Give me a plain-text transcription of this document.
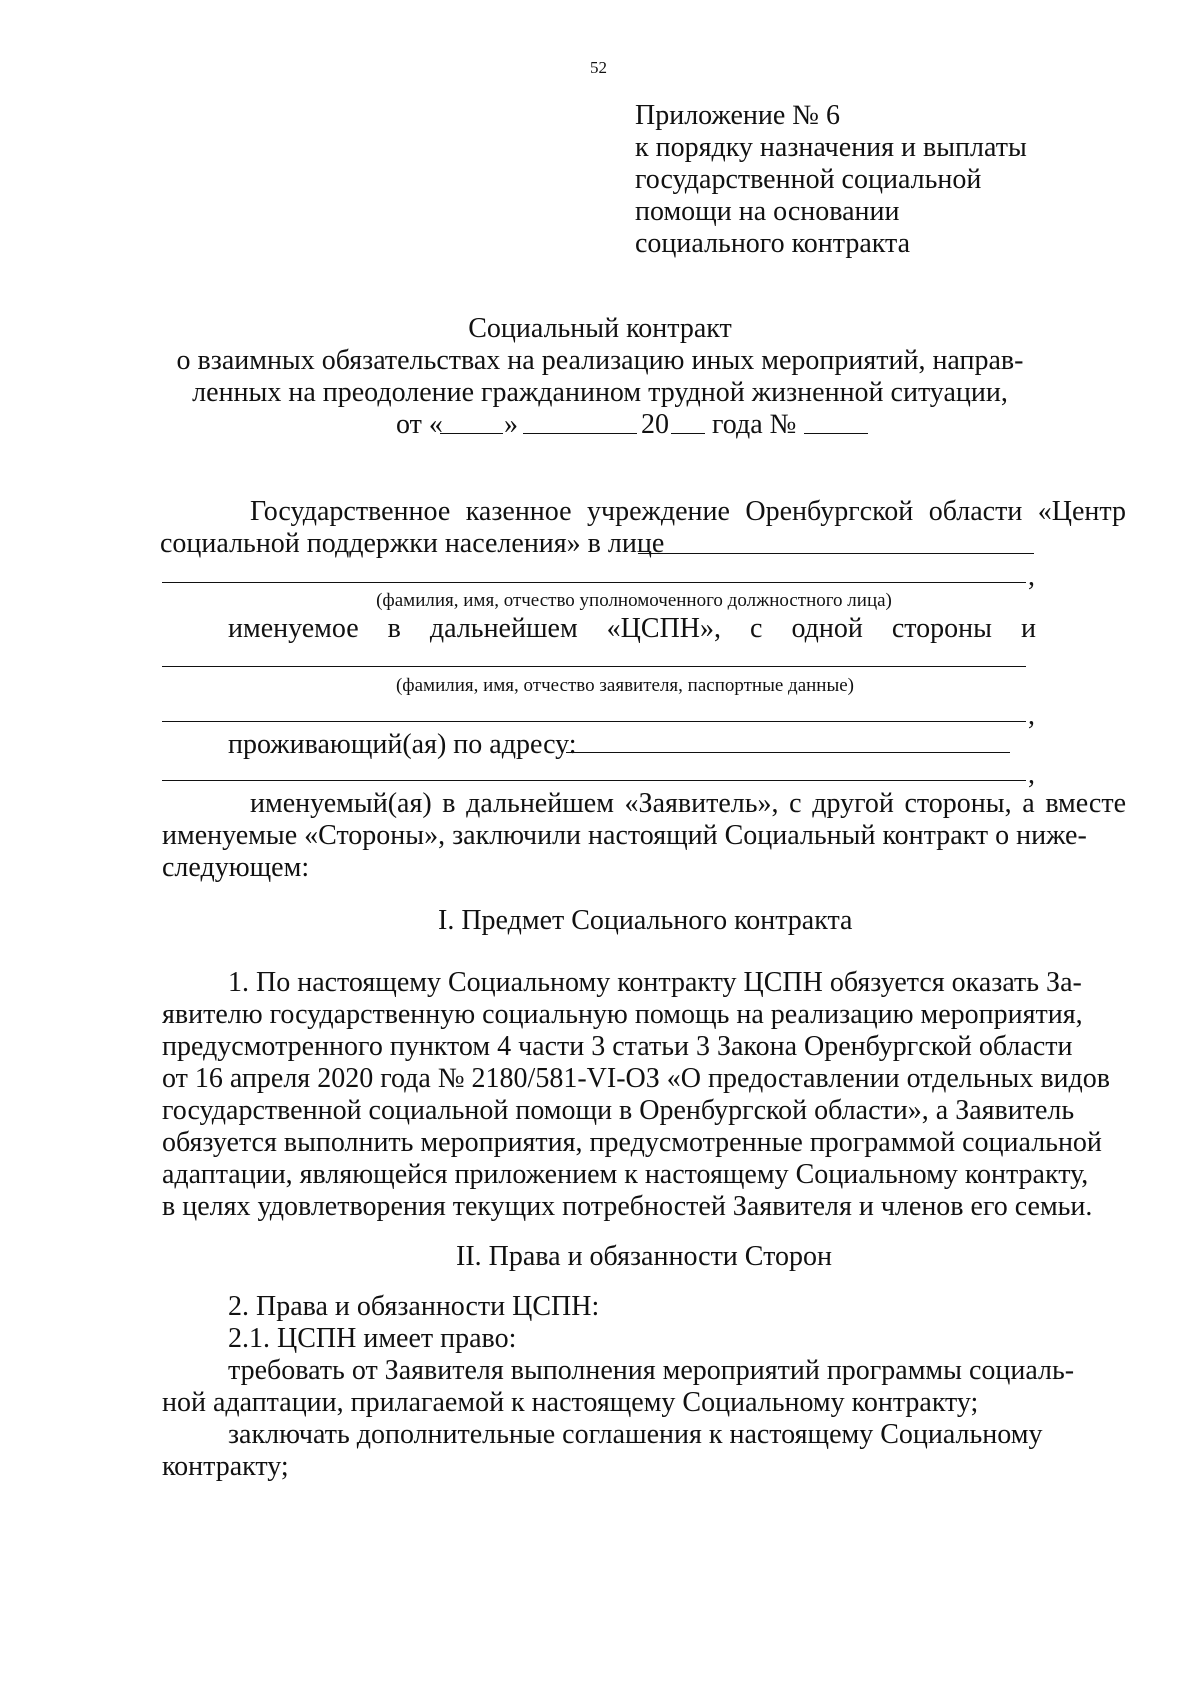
52
Приложение № 6
к порядку назначения и выплаты
государственной социальной
помощи на основании
социального контракта
Социальный контракт
о взаимных обязательствах на реализацию иных мероприятий, направ-
ленных на преодоление гражданином трудной жизненной ситуации,
от « »	20 года №
Государственное казенное учреждение Оренбургской области «Центр
социальной поддержки населения» в лице
,
(фамилия, имя, отчество уполномоченного должностного лица)
именуемое в дальнейшем «ЦСПН», с одной стороны и
(фамилия, имя, отчество заявителя, паспортные данные)
,
проживающий(ая) по адресу:
,
именуемый(ая) в дальнейшем «Заявитель», с другой стороны, а вместе
именуемые «Стороны», заключили настоящий Социальный контракт о ниже-
следующем:
I. Предмет Социального контракта
1. По настоящему Социальному контракту ЦСПН обязуется оказать За-
явителю государственную социальную помощь на реализацию мероприятия,
предусмотренного пунктом 4 части 3 статьи 3 Закона Оренбургской области
от 16 апреля 2020 года № 2180/581-VI-ОЗ «О предоставлении отдельных видов
государственной социальной помощи в Оренбургской области», а Заявитель
обязуется выполнить мероприятия, предусмотренные программой социальной
адаптации, являющейся приложением к настоящему Социальному контракту,
в целях удовлетворения текущих потребностей Заявителя и членов его семьи.
II. Права и обязанности Сторон
2. Права и обязанности ЦСПН:
2.1. ЦСПН имеет право:
требовать от Заявителя выполнения мероприятий программы социаль-
ной адаптации, прилагаемой к настоящему Социальному контракту;
заключать дополнительные соглашения к настоящему Социальному
контракту;
